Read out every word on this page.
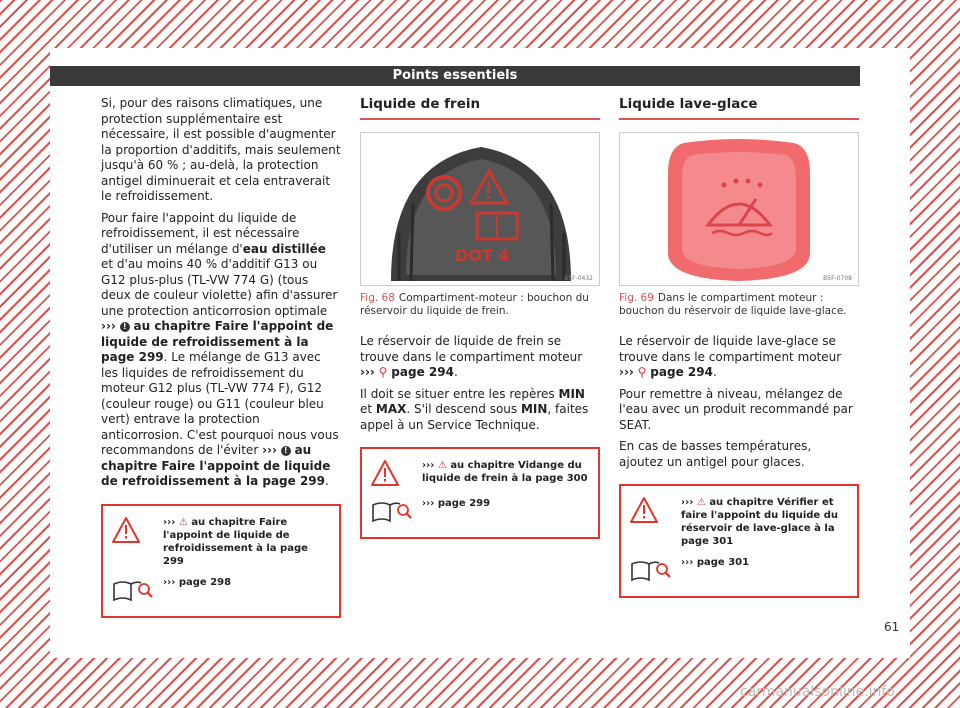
Points essentiels

Si, pour des raisons climatiques, une protection supplémentaire est nécessaire, il est possible d'augmenter la proportion d'additifs, mais seulement jusqu'à 60 % ; au-delà, la protection antigel diminuerait et cela entraverait le refroidissement.

Pour faire l'appoint du liquide de refroidissement, il est nécessaire d'utiliser un mélange d'eau distillée et d'au moins 40 % d'additif G13 ou G12 plus-plus (TL-VW 774 G) (tous deux de couleur violette) afin d'assurer une protection anticorrosion optimale ››› ! au chapitre Faire l'appoint de liquide de refroidissement à la page 299. Le mélange de G13 avec les liquides de refroidissement du moteur G12 plus (TL-VW 774 F), G12 (couleur rouge) ou G11 (couleur bleu vert) entrave la protection anticorrosion. C'est pourquoi nous vous recommandons de l'éviter ››› ! au chapitre Faire l'appoint de liquide de refroidissement à la page 299.

››› ⚠ au chapitre Faire l'appoint de liquide de refroidissement à la page 299
››› page 298
Liquide de frein
DOT 4
B5F-0432
Fig. 68 Compartiment-moteur : bouchon du réservoir du liquide de frein.

Le réservoir de liquide de frein se trouve dans le compartiment moteur ››› ⚲ page 294.

Il doit se situer entre les repères MIN et MAX. S'il descend sous MIN, faites appel à un Service Technique.

››› ⚠ au chapitre Vidange du liquide de frein à la page 300
››› page 299
Liquide lave-glace
B5F-0708
Fig. 69 Dans le compartiment moteur : bouchon du réservoir de liquide lave-glace.

Le réservoir de liquide lave-glace se trouve dans le compartiment moteur ››› ⚲ page 294.

Pour remettre à niveau, mélangez de l'eau avec un produit recommandé par SEAT.

En cas de basses températures, ajoutez un antigel pour glaces.

››› ⚠ au chapitre Vérifier et faire l'appoint du liquide du réservoir de lave-glace à la page 301
››› page 301
61
carmanualsonline.info
